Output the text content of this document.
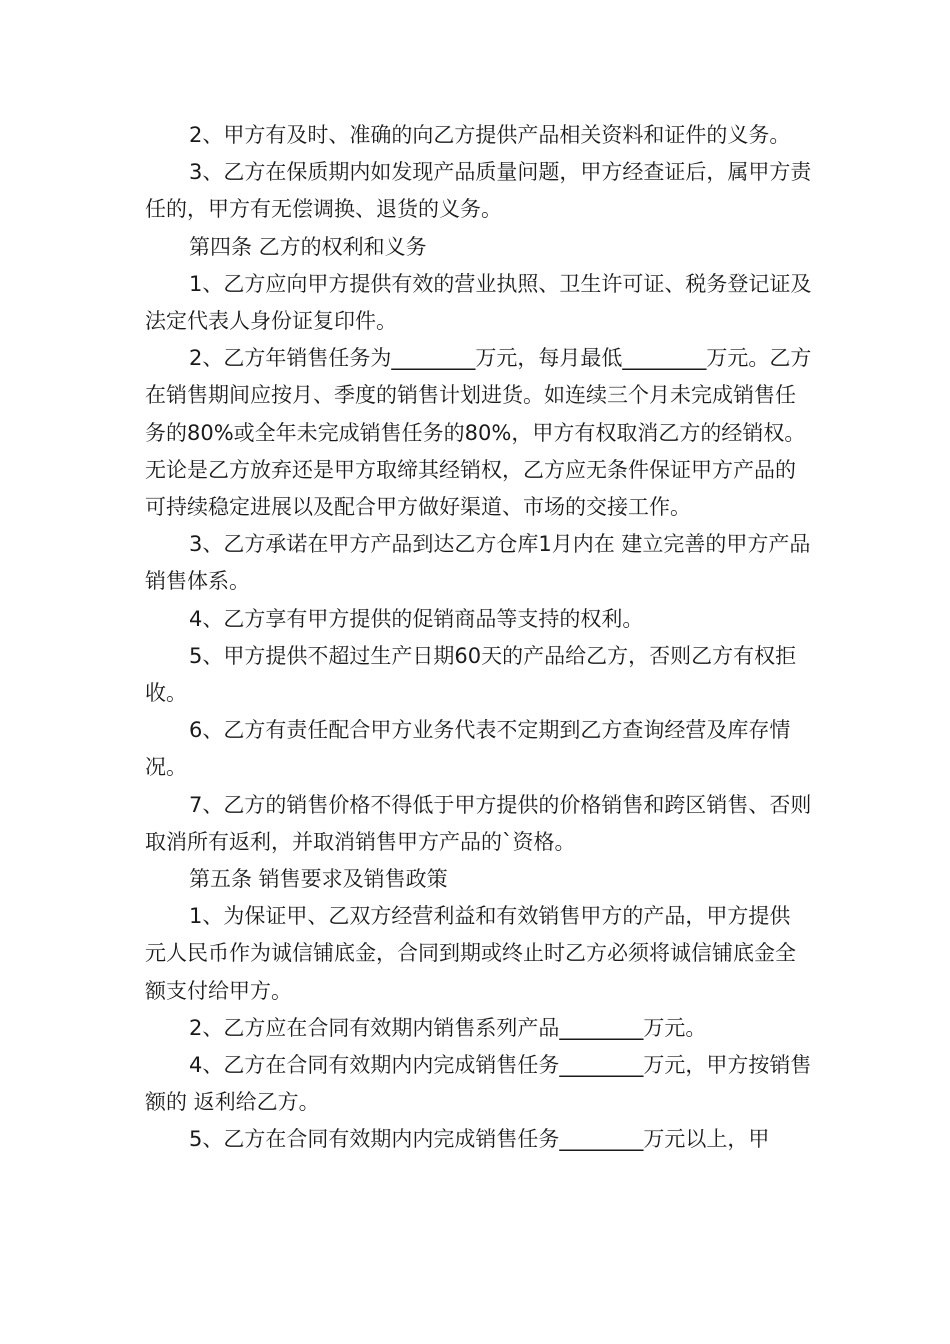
2、甲方有及时、准确的向乙方提供产品相关资料和证件的义务。

3、乙方在保质期内如发现产品质量问题，甲方经查证后，属甲方责任的，甲方有无偿调换、退货的义务。

第四条 乙方的权利和义务

1、乙方应向甲方提供有效的营业执照、卫生许可证、税务登记证及法定代表人身份证复印件。

2、乙方年销售任务为________万元，每月最低________万元。乙方在销售期间应按月、季度的销售计划进货。如连续三个月未完成销售任务的80%或全年未完成销售任务的80%，甲方有权取消乙方的经销权。无论是乙方放弃还是甲方取缔其经销权，乙方应无条件保证甲方产品的可持续稳定进展以及配合甲方做好渠道、市场的交接工作。

3、乙方承诺在甲方产品到达乙方仓库1月内在 建立完善的甲方产品销售体系。

4、乙方享有甲方提供的促销商品等支持的权利。

5、甲方提供不超过生产日期60天的产品给乙方，否则乙方有权拒收。

6、乙方有责任配合甲方业务代表不定期到乙方查询经营及库存情况。

7、乙方的销售价格不得低于甲方提供的价格销售和跨区销售、否则取消所有返利，并取消销售甲方产品的`资格。

第五条 销售要求及销售政策

1、为保证甲、乙双方经营利益和有效销售甲方的产品，甲方提供 元人民币作为诚信铺底金，合同到期或终止时乙方必须将诚信铺底金全额支付给甲方。

2、乙方应在合同有效期内销售系列产品________万元。

4、乙方在合同有效期内内完成销售任务________万元，甲方按销售额的 返利给乙方。

5、乙方在合同有效期内内完成销售任务________万元以上，甲
